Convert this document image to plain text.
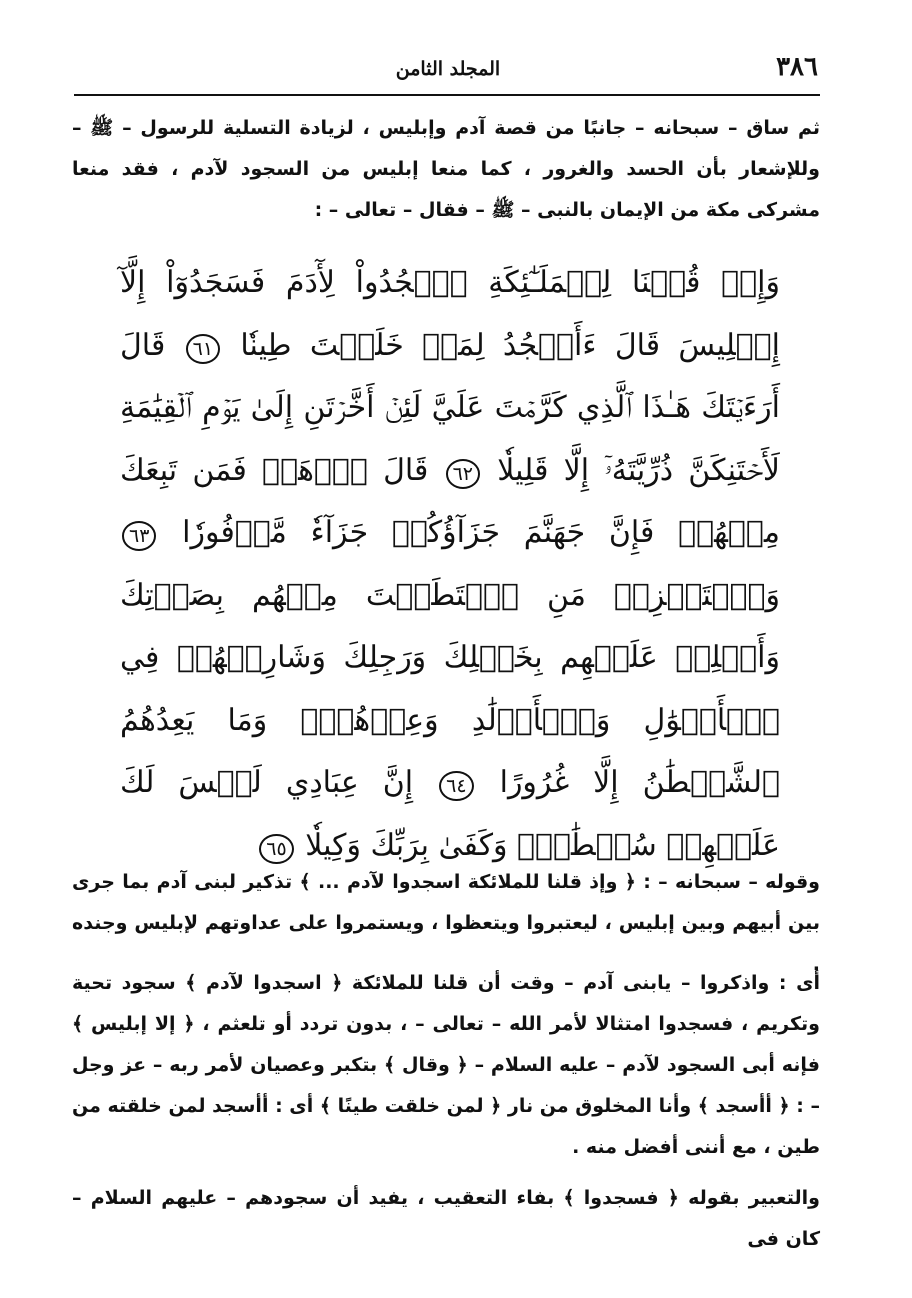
٣٨٦
المجلد الثامن

ثم ساق – سبحانه – جانبًا من قصة آدم وإبليس ، لزيادة التسلية للرسول – ﷺ – وللإشعار بأن الحسد والغرور ، كما منعا إبليس من السجود لآدم ، فقد منعا مشركى مكة من الإيمان بالنبى – ﷺ – فقال – تعالى – :

وَإِذۡ قُلۡنَا لِلۡمَلَـٰٓئِكَةِ ٱسۡجُدُواْ لِأٓدَمَ فَسَجَدُوٓاْ إِلَّآ إِبۡلِيسَ قَالَ ءَأَسۡجُدُ لِمَنۡ خَلَقۡتَ طِينٗا ٦١ قَالَ أَرَءَيۡتَكَ هَـٰذَا ٱلَّذِي كَرَّمۡتَ عَلَيَّ لَئِنۡ أَخَّرۡتَنِ إِلَىٰ يَوۡمِ ٱلۡقِيَٰمَةِ لَأَحۡتَنِكَنَّ ذُرِّيَّتَهُۥٓ إِلَّا قَلِيلٗا ٦٢ قَالَ ٱذۡهَبۡ فَمَن تَبِعَكَ مِنۡهُمۡ فَإِنَّ جَهَنَّمَ جَزَآؤُكُمۡ جَزَآءٗ مَّوۡفُورٗا ٦٣ وَٱسۡتَفۡزِزۡ مَنِ ٱسۡتَطَعۡتَ مِنۡهُم بِصَوۡتِكَ وَأَجۡلِبۡ عَلَيۡهِم بِخَيۡلِكَ وَرَجِلِكَ وَشَارِكۡهُمۡ فِي ٱلۡأَمۡوَٰلِ وَٱلۡأَوۡلَٰدِ وَعِدۡهُمۡۚ وَمَا يَعِدُهُمُ ٱلشَّيۡطَٰنُ إِلَّا غُرُورًا ٦٤ إِنَّ عِبَادِي لَيۡسَ لَكَ عَلَيۡهِمۡ سُلۡطَٰنٞۚ وَكَفَىٰ بِرَبِّكَ وَكِيلٗا ٦٥

وقوله – سبحانه – : ﴿ وإذ قلنا للملائكة اسجدوا لآدم ... ﴾ تذكير لبنى آدم بما جرى بين أبيهم وبين إبليس ، ليعتبروا ويتعظوا ، ويستمروا على عداوتهم لإبليس وجنده .

أى : واذكروا – يابنى آدم – وقت أن قلنا للملائكة ﴿ اسجدوا لآدم ﴾ سجود تحية وتكريم ، فسجدوا امتثالا لأمر الله – تعالى – ، بدون تردد أو تلعثم ، ﴿ إلا إبليس ﴾ فإنه أبى السجود لآدم – عليه السلام – ﴿ وقال ﴾ بتكبر وعصيان لأمر ربه – عز وجل – : ﴿ أأسجد ﴾ وأنا المخلوق من نار ﴿ لمن خلقت طينًا ﴾ أى : أأسجد لمن خلقته من طين ، مع أننى أفضل منه .

والتعبير بقوله ﴿ فسجدوا ﴾ بفاء التعقيب ، يفيد أن سجودهم – عليهم السلام – كان فى
